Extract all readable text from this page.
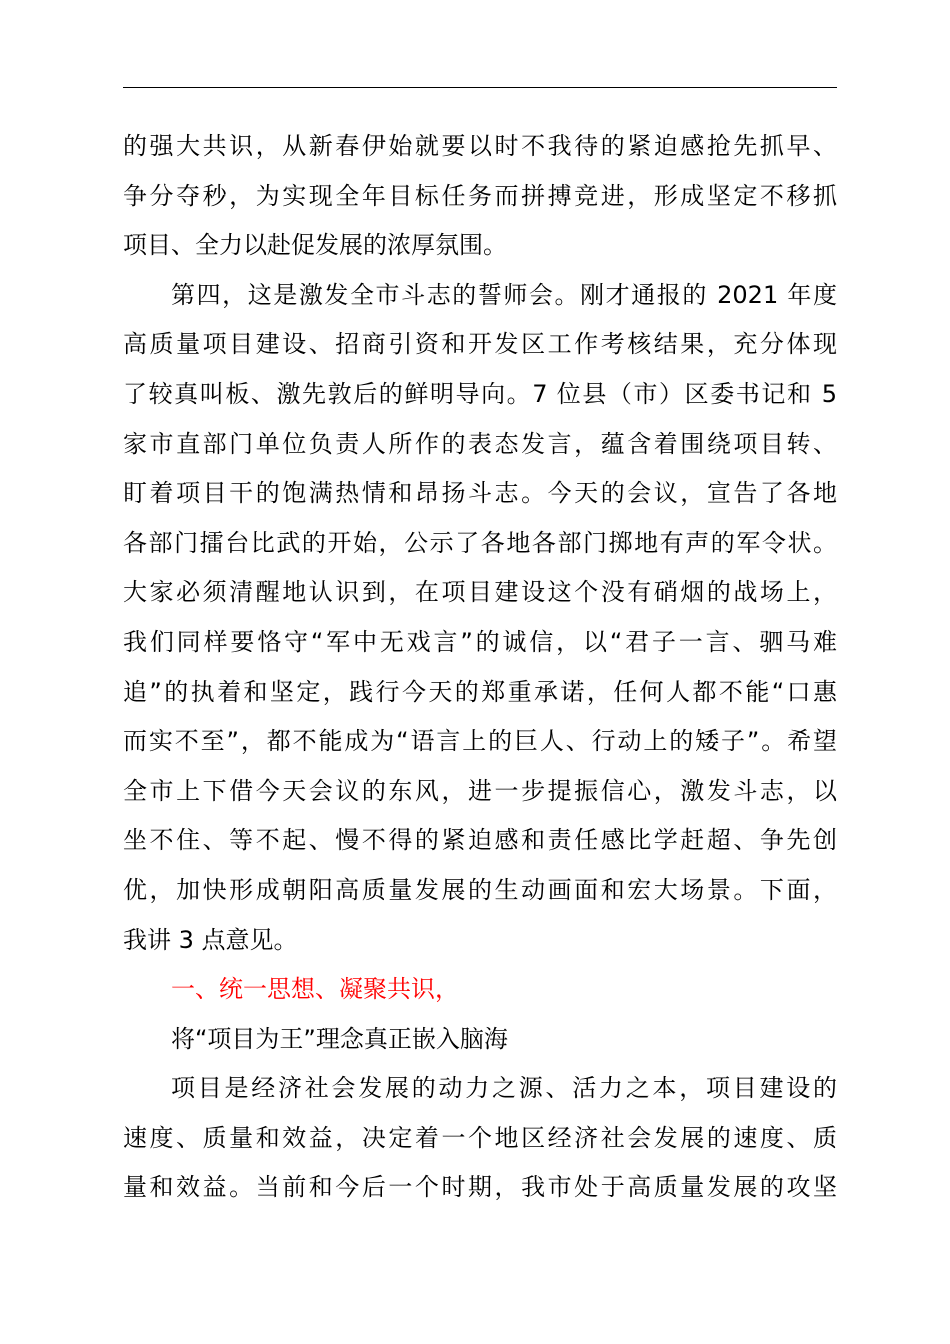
的强大共识，从新春伊始就要以时不我待的紧迫感抢先抓早、
争分夺秒，为实现全年目标任务而拼搏竞进，形成坚定不移抓
项目、全力以赴促发展的浓厚氛围。
第四，这是激发全市斗志的誓师会。刚才通报的 2021 年度
高质量项目建设、招商引资和开发区工作考核结果，充分体现
了较真叫板、激先敦后的鲜明导向。7 位县（市）区委书记和 5
家市直部门单位负责人所作的表态发言，蕴含着围绕项目转、
盯着项目干的饱满热情和昂扬斗志。今天的会议，宣告了各地
各部门擂台比武的开始，公示了各地各部门掷地有声的军令状。
大家必须清醒地认识到，在项目建设这个没有硝烟的战场上，
我们同样要恪守“军中无戏言”的诚信，以“君子一言、驷马难
追”的执着和坚定，践行今天的郑重承诺，任何人都不能“口惠
而实不至”，都不能成为“语言上的巨人、行动上的矮子”。希望
全市上下借今天会议的东风，进一步提振信心，激发斗志，以
坐不住、等不起、慢不得的紧迫感和责任感比学赶超、争先创
优，加快形成朝阳高质量发展的生动画面和宏大场景。下面，
我讲 3 点意见。
一、统一思想、凝聚共识，
将“项目为王”理念真正嵌入脑海
项目是经济社会发展的动力之源、活力之本，项目建设的
速度、质量和效益，决定着一个地区经济社会发展的速度、质
量和效益。当前和今后一个时期，我市处于高质量发展的攻坚
